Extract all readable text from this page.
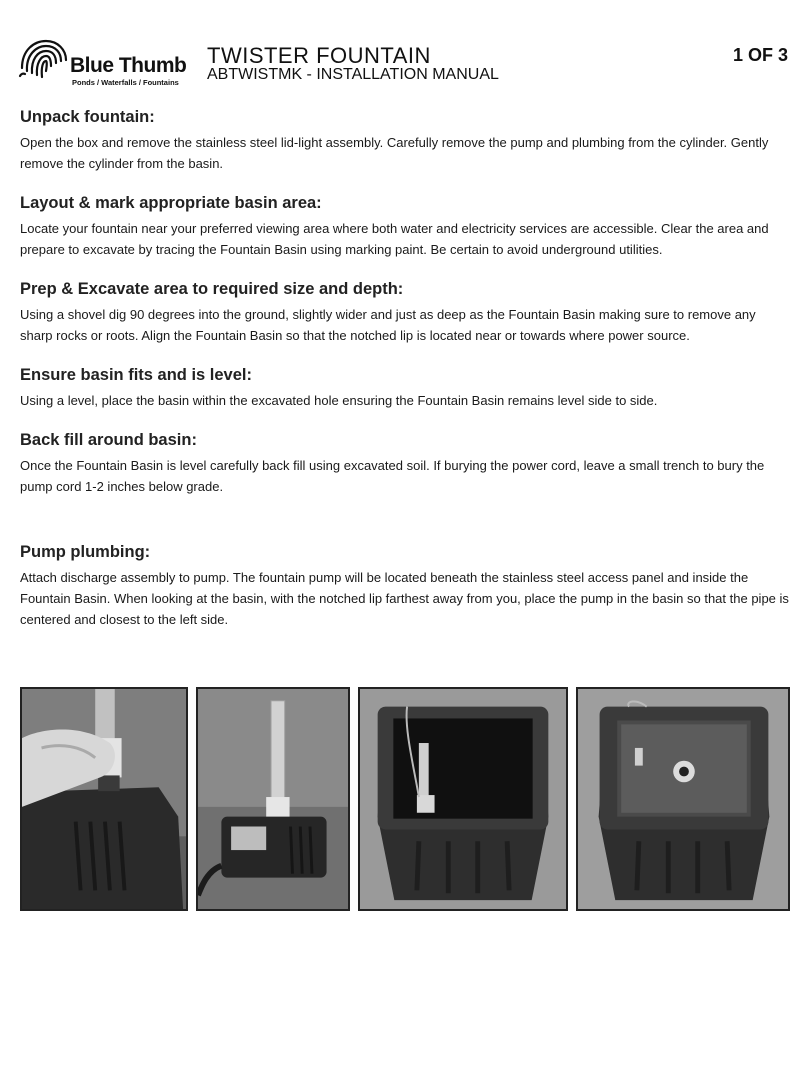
Blue Thumb
Ponds / Waterfalls / Fountains
TWISTER FOUNTAIN
ABTWISTMK - INSTALLATION MANUAL
1 OF 3
Unpack fountain:

Open the box and remove the stainless steel lid-light assembly. Carefully remove the pump and plumbing from the cylinder. Gently remove the cylinder from the basin.

Layout & mark appropriate basin area:

Locate your fountain near your preferred viewing area where both water and electricity services are accessible. Clear the area and prepare to excavate by tracing the Fountain Basin using marking paint. Be certain to avoid underground utilities.

Prep & Excavate area to required size and depth:

Using a shovel dig 90 degrees into the ground, slightly wider and just as deep as the Fountain Basin making sure to remove any sharp rocks or roots. Align the Fountain Basin so that the notched lip is located near or towards where power source.

Ensure basin fits and is level:

Using a level, place the basin within the excavated hole ensuring the Fountain Basin remains level side to side.

Back fill around basin:

Once the Fountain Basin is level carefully back fill using excavated soil. If burying the power cord, leave a small trench to bury the pump cord 1-2 inches below grade.

Pump plumbing:

Attach discharge assembly to pump. The fountain pump will be located beneath the stainless steel access panel and inside the Fountain Basin. When looking at the basin, with the notched lip farthest away from you, place the pump in the basin so that the pipe is centered and closest to the left side.
